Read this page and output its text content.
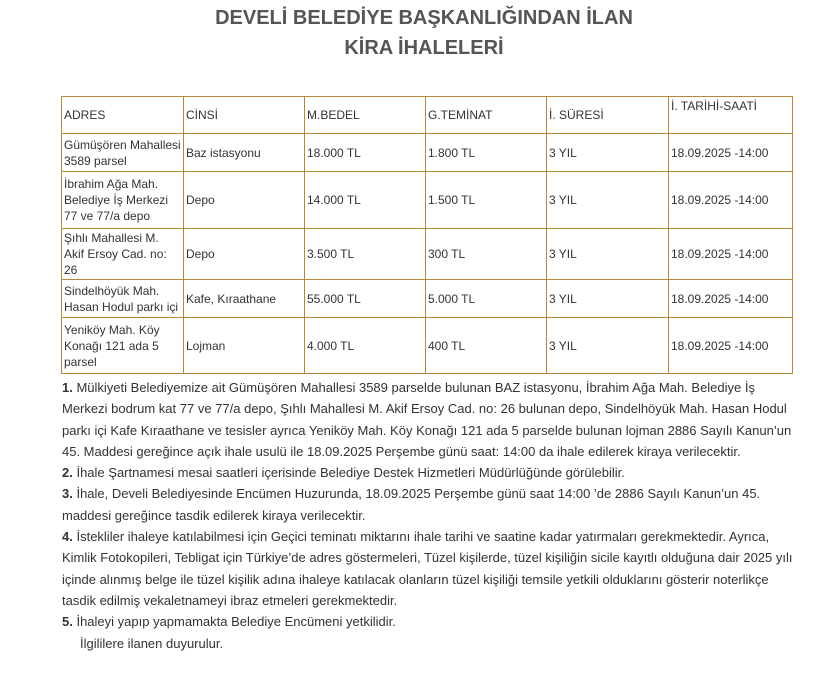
DEVELİ BELEDİYE BAŞKANLIĞINDAN İLAN
KİRA İHALELERİ
ADRES	CİNSİ	M.BEDEL	G.TEMİNAT	İ. SÜRESİ	İ. TARİHİ-SAATİ
Gümüşören Mahallesi 3589 parsel	Baz istasyonu	18.000 TL	1.800 TL	3 YIL	18.09.2025 -14:00
İbrahim Ağa Mah. Belediye İş Merkezi 77 ve 77/a depo	Depo	14.000 TL	1.500 TL	3 YIL	18.09.2025 -14:00
Şıhlı Mahallesi M. Akif Ersoy Cad. no: 26	Depo	3.500 TL	300 TL	3 YIL	18.09.2025 -14:00
Sindelhöyük Mah. Hasan Hodul parkı içi	Kafe, Kıraathane	55.000 TL	5.000 TL	3 YIL	18.09.2025 -14:00
Yeniköy Mah. Köy Konağı 121 ada 5 parsel	Lojman	4.000 TL	400 TL	3 YIL	18.09.2025 -14:00

1. Mülkiyeti Belediyemize ait Gümüşören Mahallesi 3589 parselde bulunan BAZ istasyonu, İbrahim Ağa Mah. Belediye İş Merkezi bodrum kat 77 ve 77/a depo, Şıhlı Mahallesi M. Akif Ersoy Cad. no: 26 bulunan depo, Sindelhöyük Mah. Hasan Hodul parkı içi Kafe Kıraathane ve tesisler ayrıca Yeniköy Mah. Köy Konağı 121 ada 5 parselde bulunan lojman 2886 Sayılı Kanun’un 45. Maddesi gereğince açık ihale usulü ile 18.09.2025 Perşembe günü saat: 14:00 da ihale edilerek kiraya verilecektir.

2. İhale Şartnamesi mesai saatleri içerisinde Belediye Destek Hizmetleri Müdürlüğünde görülebilir.

3. İhale, Develi Belediyesinde Encümen Huzurunda, 18.09.2025 Perşembe günü saat 14:00 ’de 2886 Sayılı Kanun’un 45. maddesi gereğince tasdik edilerek kiraya verilecektir.

4. İstekliler ihaleye katılabilmesi için Geçici teminatı miktarını ihale tarihi ve saatine kadar yatırmaları gerekmektedir. Ayrıca, Kimlik Fotokopileri, Tebligat için Türkiye’de adres göstermeleri, Tüzel kişilerde, tüzel kişiliğin sicile kayıtlı olduğuna dair 2025 yılı içinde alınmış belge ile tüzel kişilik adına ihaleye katılacak olanların tüzel kişiliği temsile yetkili olduklarını gösterir noterlikçe tasdik edilmiş vekaletnameyi ibraz etmeleri gerekmektedir.

5. İhaleyi yapıp yapmamakta Belediye Encümeni yetkilidir.

İlgililere ilanen duyurulur.
